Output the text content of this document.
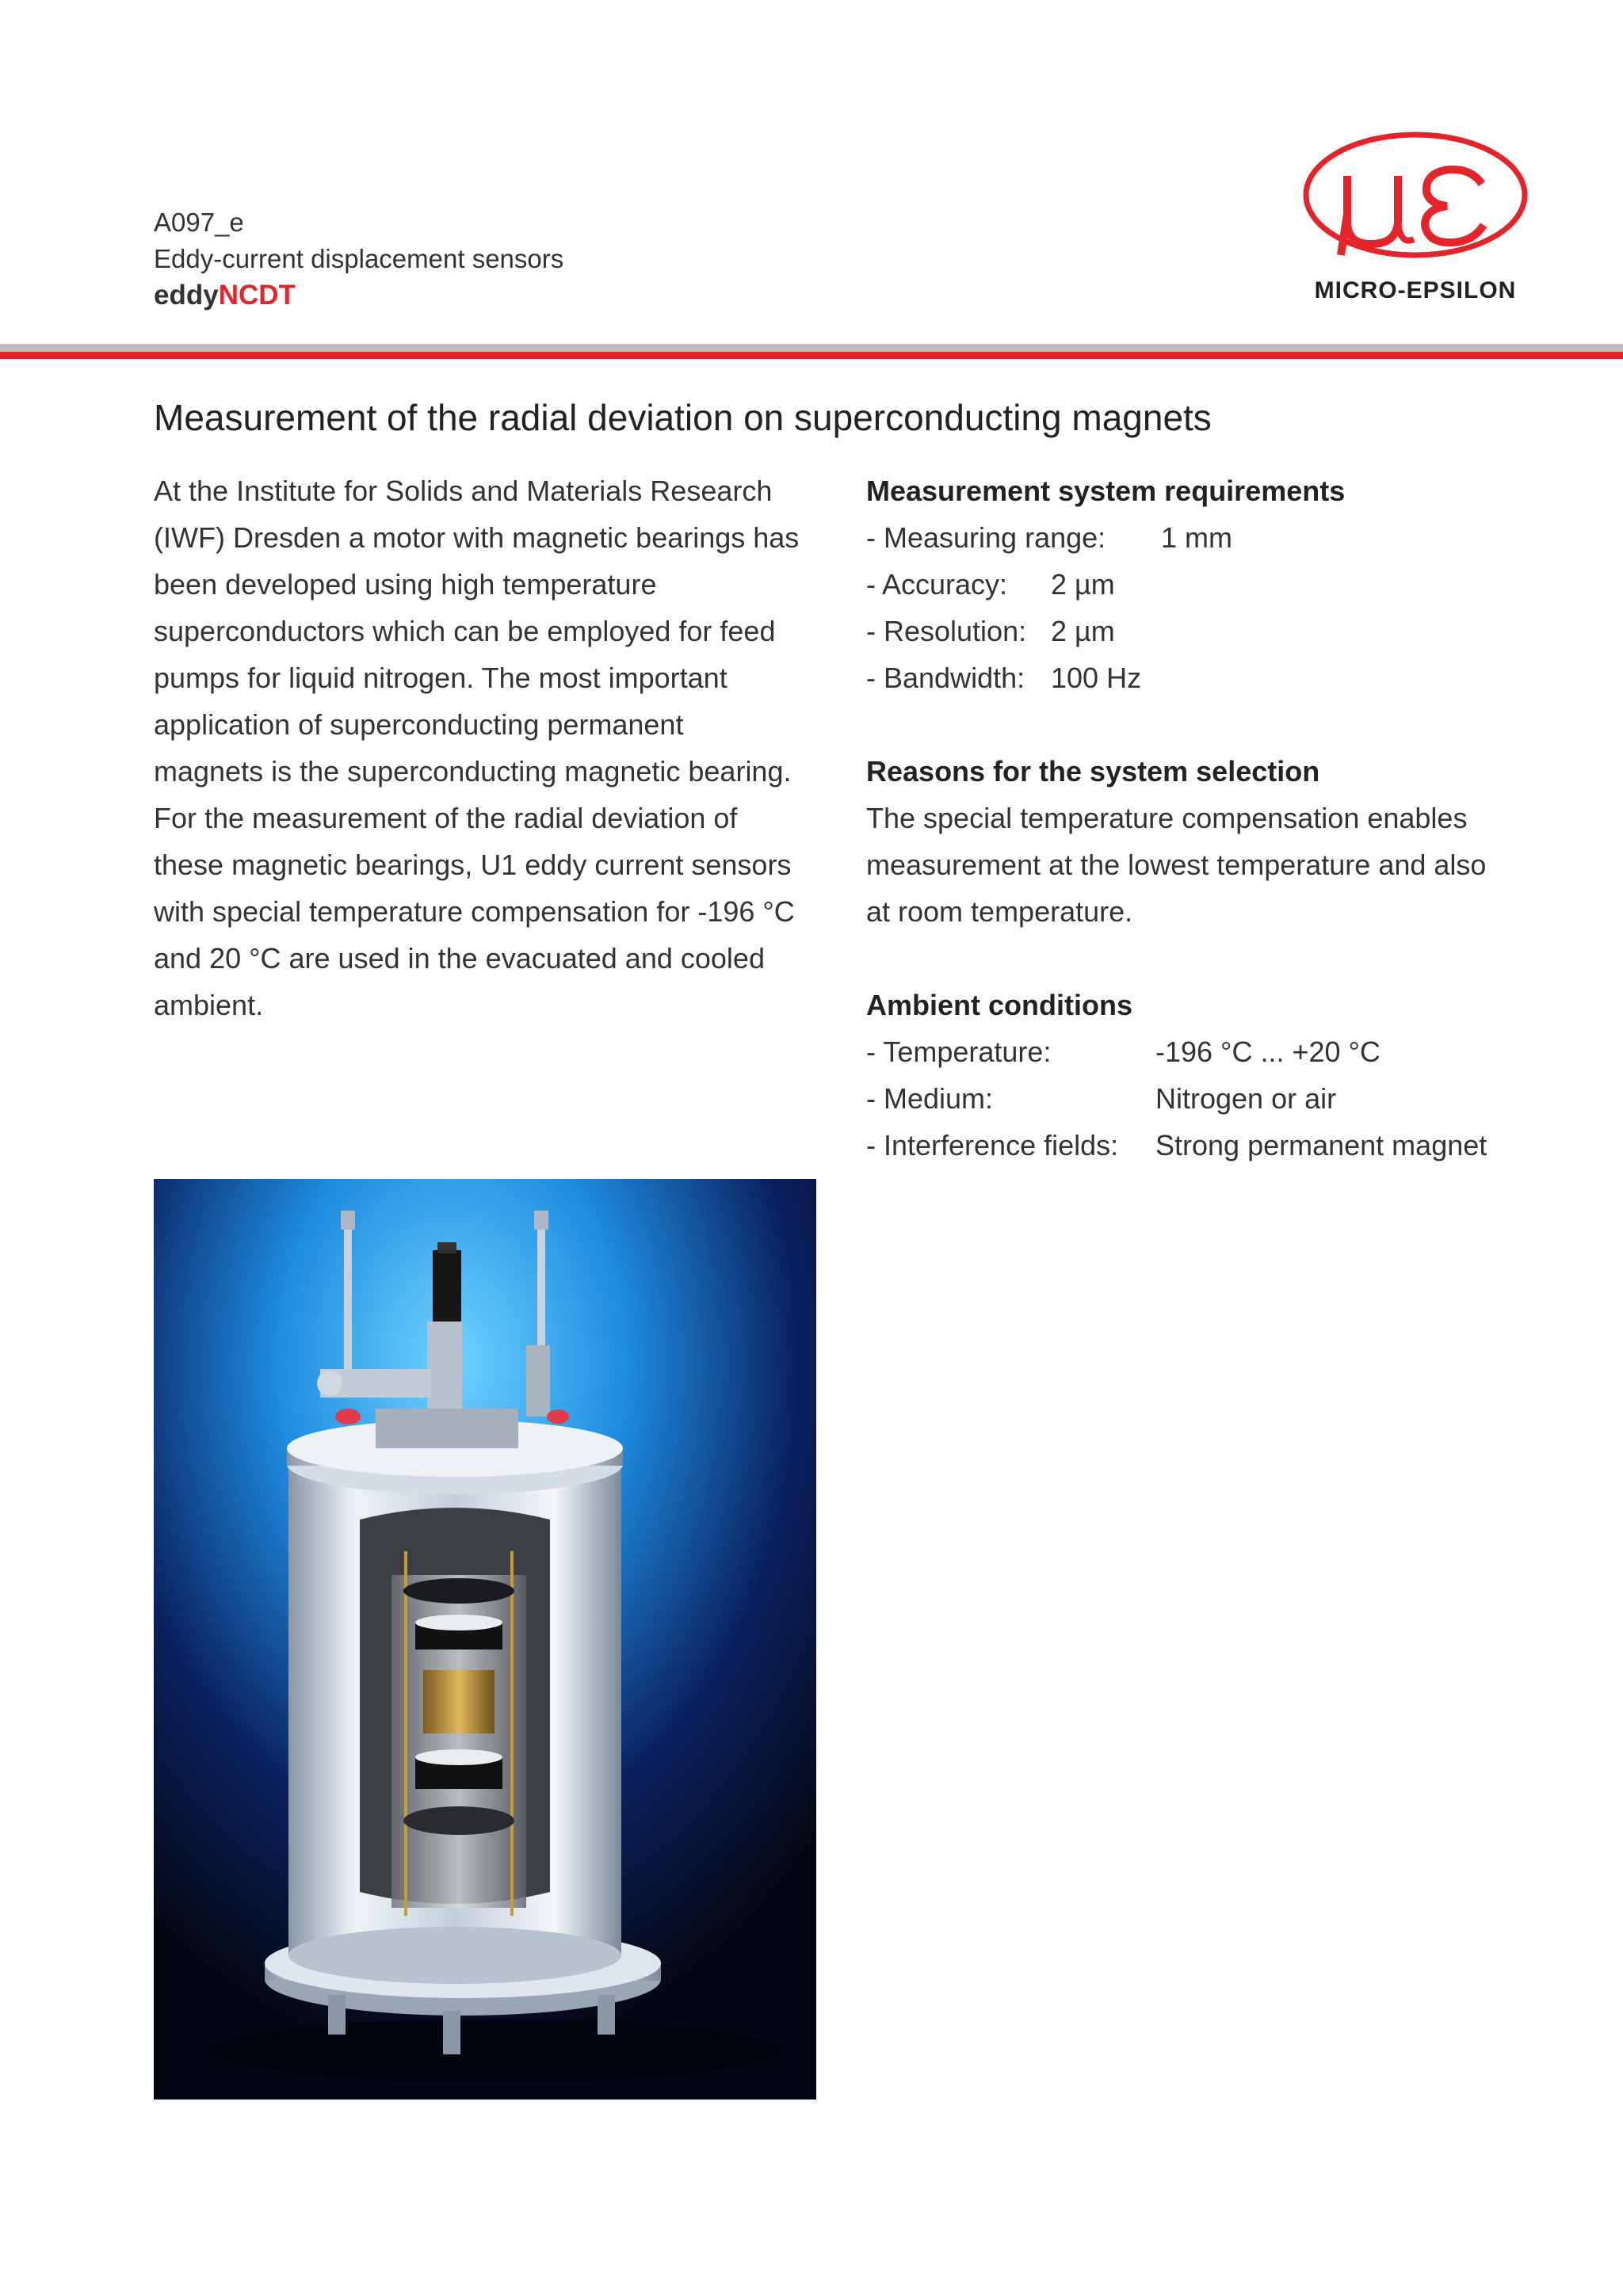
A097_e
Eddy-current displacement sensors
eddyNCDT	MICRO-EPSILON
Measurement of the radial deviation on superconducting magnets
At the Institute for Solids and Materials Research
(IWF) Dresden a motor with magnetic bearings has
been developed using high temperature
superconductors which can be employed for feed
pumps for liquid nitrogen. The most important
application of superconducting permanent
magnets is the superconducting magnetic bearing.
For the measurement of the radial deviation of
these magnetic bearings, U1 eddy current sensors
with special temperature compensation for -196 °C
and 20 °C are used in the evacuated and cooled
ambient.
Measurement system requirements
- Measuring range:	1 mm
- Accuracy:	2 µm
- Resolution: 2 µm
- Bandwidth: 100 Hz
Reasons for the system selection
The special temperature compensation enables
measurement at the lowest temperature and also
at room temperature.
Ambient conditions
- Temperature:	-196 °C ... +20 °C
- Medium:	Nitrogen or air
- Interference fields:	Strong permanent magnet
